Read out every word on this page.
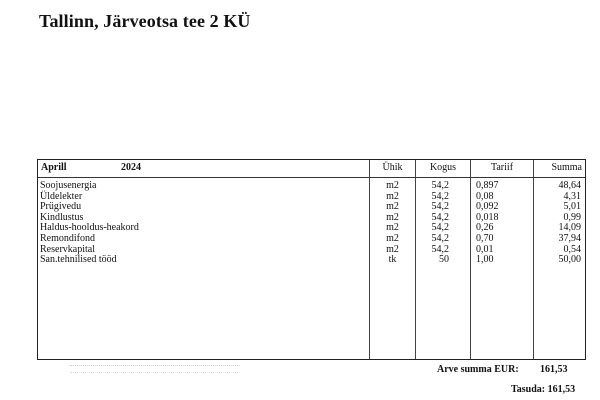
Tallinn, Järveotsa tee 2 KÜ
Aprill	2024	Ühik	Kogus	Tariif	Summa
Soojusenergia	m2	54,2	0,897	48,64
Üldelekter	m2	54,2	0,08	4,31
Prügivedu	m2	54,2	0,092	5,01
Kindlustus	m2	54,2	0,018	0,99
Haldus-hooldus-heakord	m2	54,2	0,26	14,09
Remondifond	m2	54,2	0,70	37,94
Reservkapital	m2	54,2	0,01	0,54
San.tehnilised tööd	tk	50	1,00	50,00
Arve summa EUR: 161,53
Tasuda: 161,53
